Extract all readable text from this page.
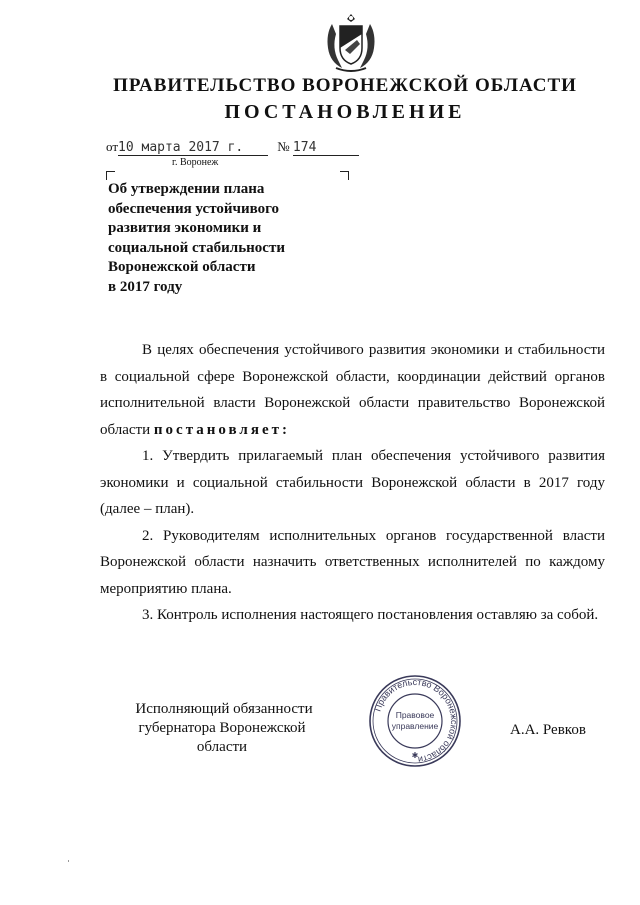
ПРАВИТЕЛЬСТВО ВОРОНЕЖСКОЙ ОБЛАСТИ
ПОСТАНОВЛЕНИЕ
от10 марта 2017 г.	№ 174
г. Воронеж
Об утверждении плана
обеспечения устойчивого
развития экономики и
социальной стабильности
Воронежской области
в 2017 году

В целях обеспечения устойчивого развития экономики и стабильности в социальной сфере Воронежской области, координации действий органов исполнительной власти Воронежской области правительство Воронежской области постановляет:

1. Утвердить прилагаемый план обеспечения устойчивого развития экономики и социальной стабильности Воронежской области в 2017 году (далее – план).

2. Руководителям исполнительных органов государственной власти Воронежской области назначить ответственных исполнителей по каждому мероприятию плана.

3. Контроль исполнения настоящего постановления оставляю за собой.

Исполняющий обязанности
губернатора Воронежской области
Правительство Воронежской области
Правовое
управление
✱
А.А. Ревков
